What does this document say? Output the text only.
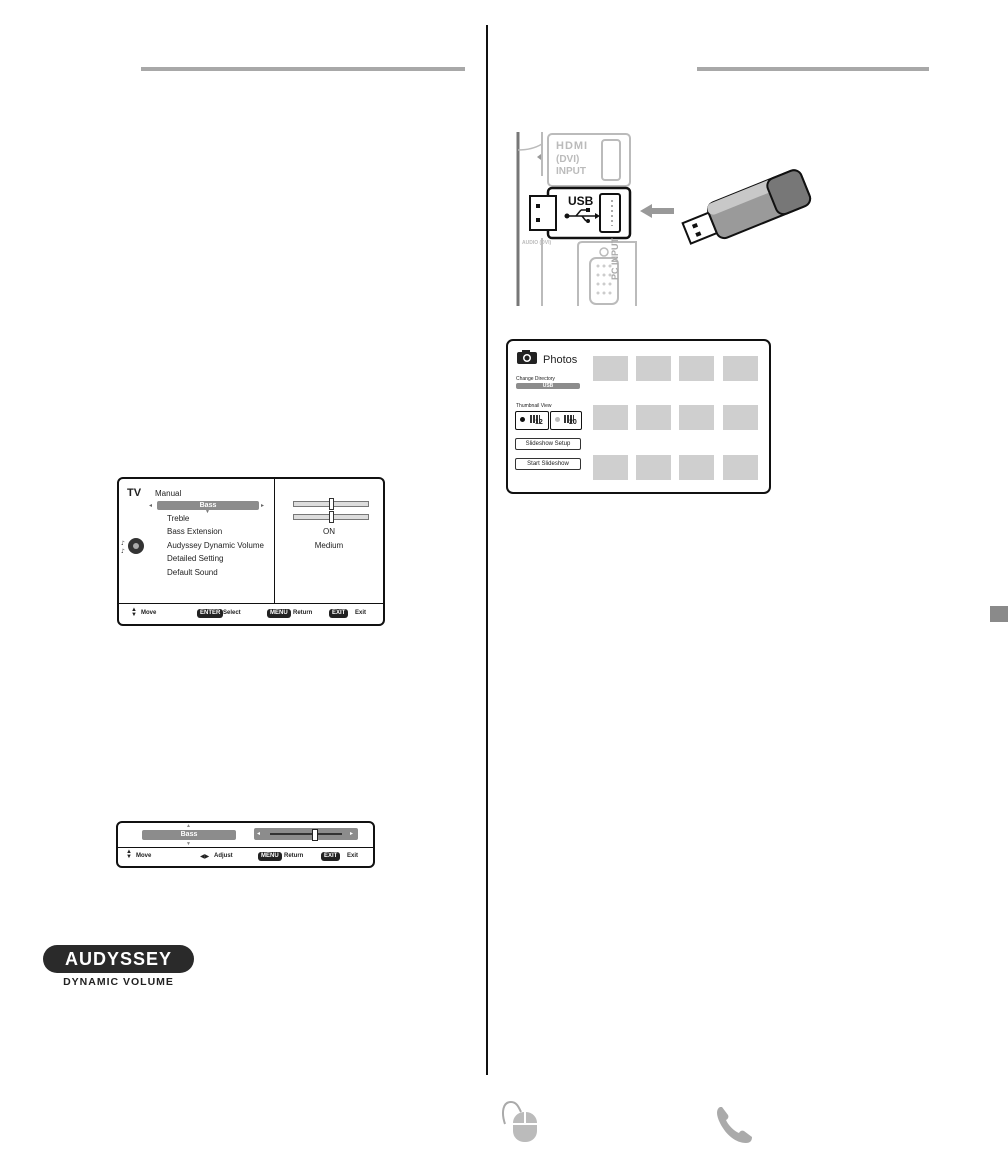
TV Manual
◂	Bass	▸
▼
Treble
Bass Extension
Audyssey Dynamic Volume
Detailed Setting
Default Sound
♪
♪
ON
Medium
▲
▼ Move	ENTER Select	MENU Return	EXIT	Exit
▲
Bass
▼
◂	▸
▲
▼ Move	◀▶ Adjust	MENU Return	EXIT	Exit
AUDYSSEY
DYNAMIC VOLUME
HDMI
(DVI)
INPUT
USB
AUDIO (DVI)	PC INPUT
Photos
Change Directory
USB
Thumbnail View
12	20
Slideshow Setup
Start Slideshow
